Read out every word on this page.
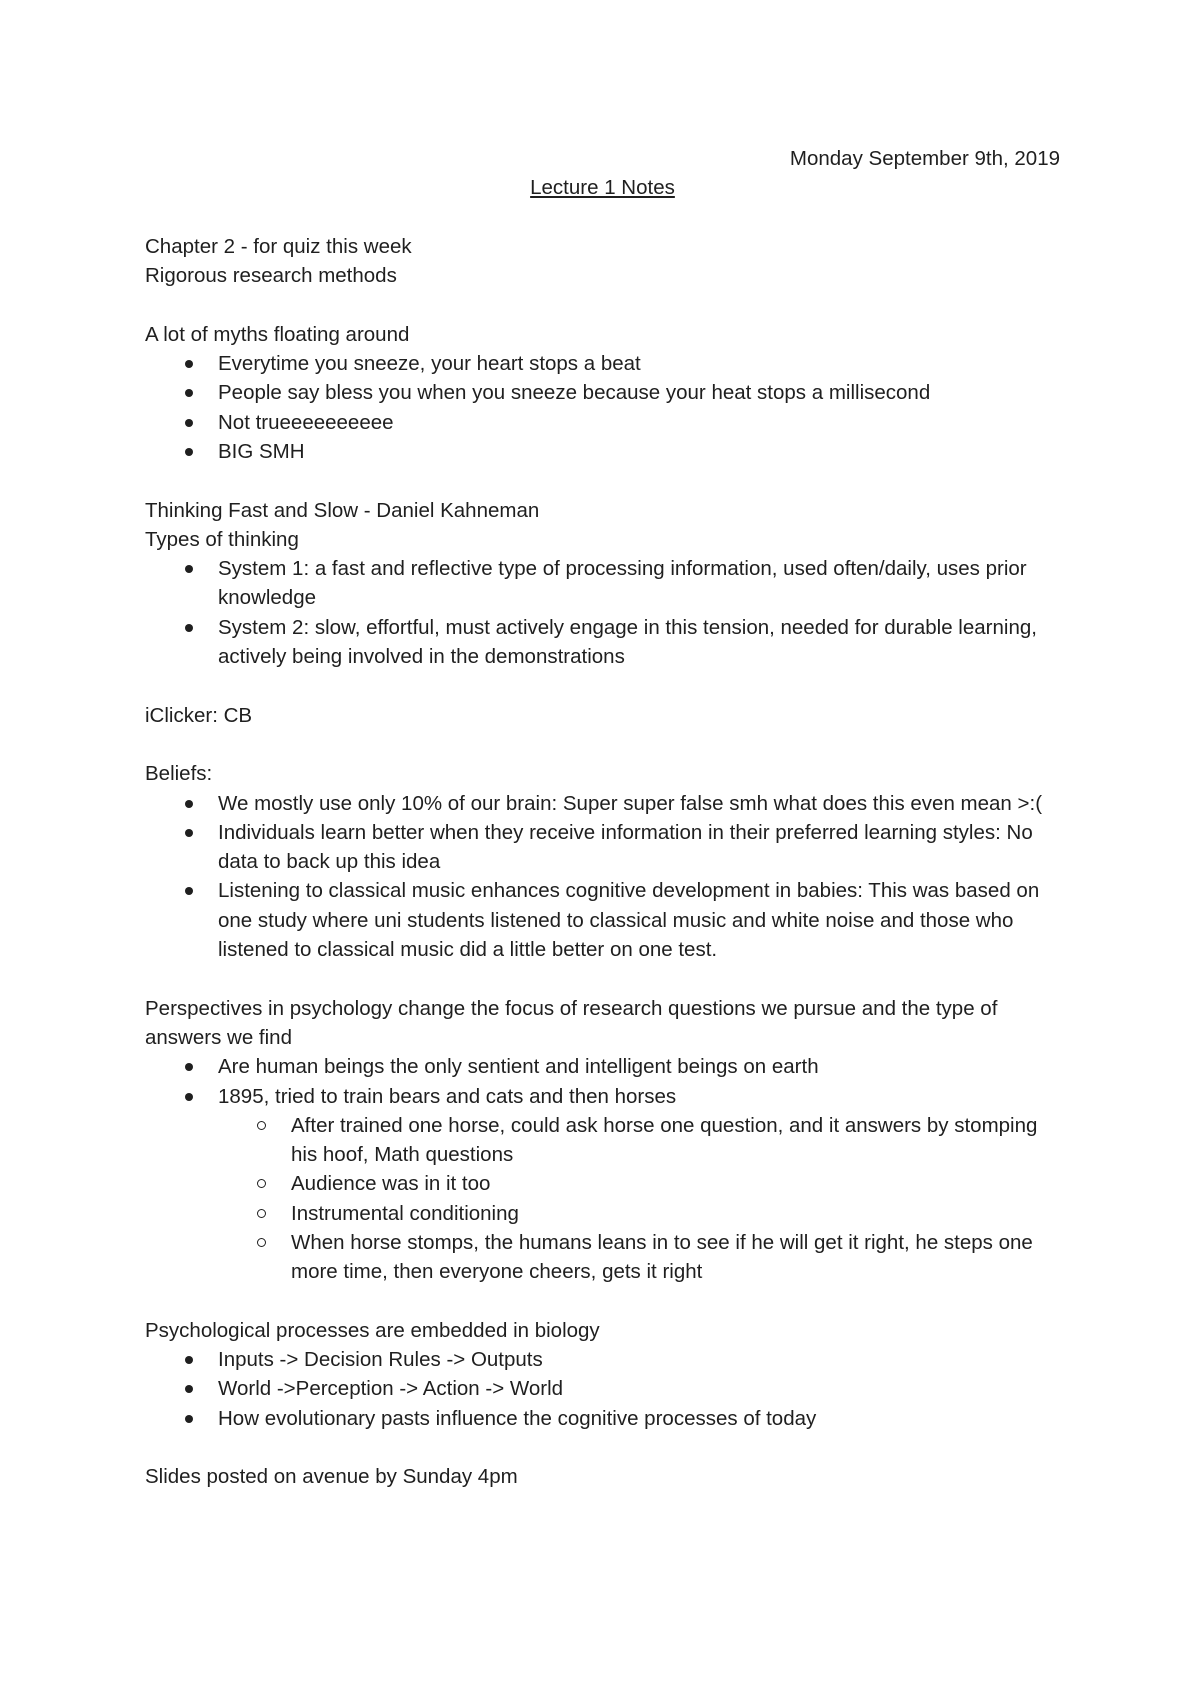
Monday September 9th, 2019
Lecture 1 Notes
Chapter 2 - for quiz this week
Rigorous research methods
A lot of myths floating around
Everytime you sneeze, your heart stops a beat
People say bless you when you sneeze because your heat stops a millisecond
Not trueeeeeeeeee
BIG SMH
Thinking Fast and Slow - Daniel Kahneman
Types of thinking
System 1: a fast and reflective type of processing information, used often/daily, uses prior knowledge
System 2: slow, effortful, must actively engage in this tension, needed for durable learning, actively being involved in the demonstrations
iClicker: CB
Beliefs:
We mostly use only 10% of our brain: Super super false smh what does this even mean >:(
Individuals learn better when they receive information in their preferred learning styles: No data to back up this idea
Listening to classical music enhances cognitive development in babies: This was based on one study where uni students listened to classical music and white noise and those who listened to classical music did a little better on one test.
Perspectives in psychology change the focus of research questions we pursue and the type of answers we find
Are human beings the only sentient and intelligent beings on earth
1895, tried to train bears and cats and then horses
After trained one horse, could ask horse one question, and it answers by stomping his hoof, Math questions
Audience was in it too
Instrumental conditioning
When horse stomps, the humans leans in to see if he will get it right, he steps one more time, then everyone cheers, gets it right
Psychological processes are embedded in biology
Inputs -> Decision Rules -> Outputs
World ->Perception -> Action -> World
How evolutionary pasts influence the cognitive processes of today
Slides posted on avenue by Sunday 4pm
